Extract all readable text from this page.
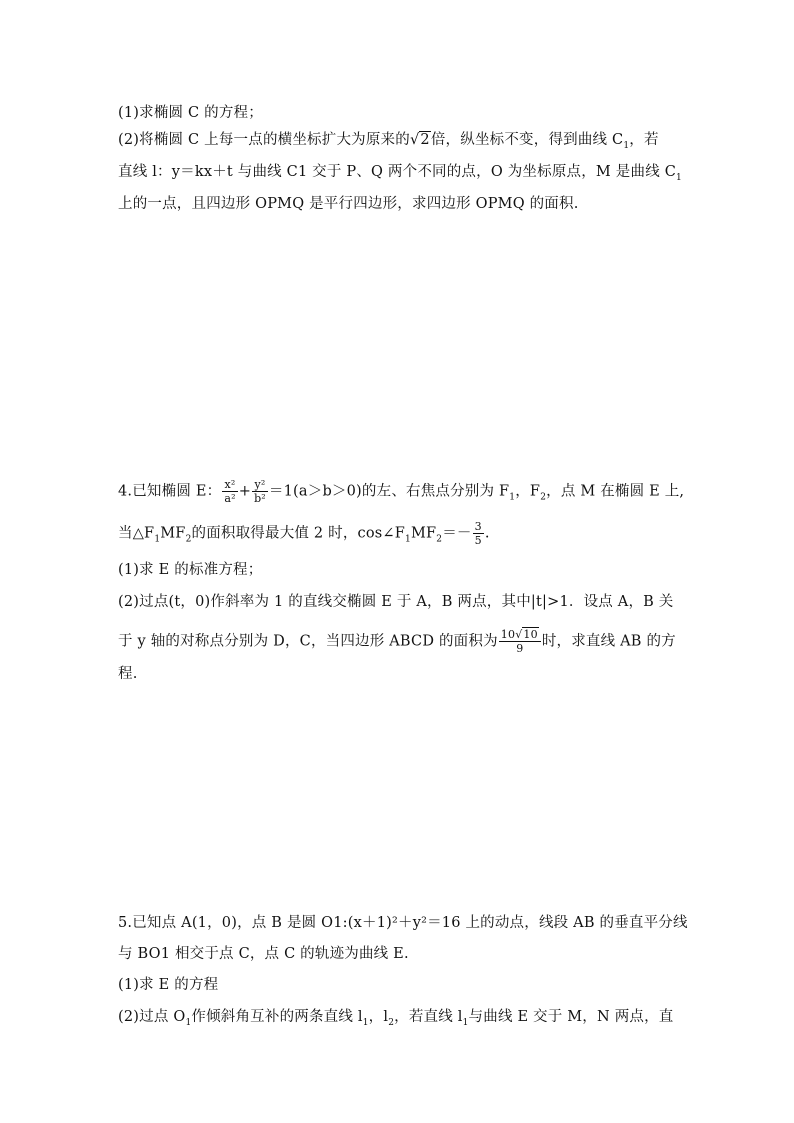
(1)求椭圆 C 的方程；
(2)将椭圆 C 上每一点的横坐标扩大为原来的√2倍，纵坐标不变，得到曲线 $C_1$，若
直线 l：y＝kx＋t 与曲线 C1 交于 P、Q 两个不同的点，O 为坐标原点，M 是曲线 $C_1$
上的一点，且四边形 OPMQ 是平行四边形，求四边形 OPMQ 的面积.
4.已知椭圆 E： $\frac{\text{x²}}{\text{a²}} + \frac{\text{y²}}{\text{b²}} =1(a>b>0)$的左、右焦点分别为 $F_1$，$F_2$，点 M 在椭圆 E 上,
当$\triangle F_1MF_2$的面积取得最大值 2 时，$\cos\angle F_1MF_2=- \frac{3}{5}$ .
(1)求 E 的标准方程；
(2)过点(t，0)作斜率为 1 的直线交椭圆 E 于 A，B 两点，其中|t|>1．设点 A，B 关
于 y 轴的对称点分别为 D，C，当四边形 ABCD 的面积为 $\frac{10√10}{9}$ 时，求直线 AB 的方
程.
5.已知点 A(1，0)，点 B 是圆 O1:(x＋1)²＋y²＝16 上的动点，线段 AB 的垂直平分线
与 BO1 相交于点 C，点 C 的轨迹为曲线 E.
(1)求 E 的方程
(2)过点 $O_1$作倾斜角互补的两条直线 $l_1$，$l_2$，若直线 $l_1$与曲线 E 交于 M，N 两点，直
